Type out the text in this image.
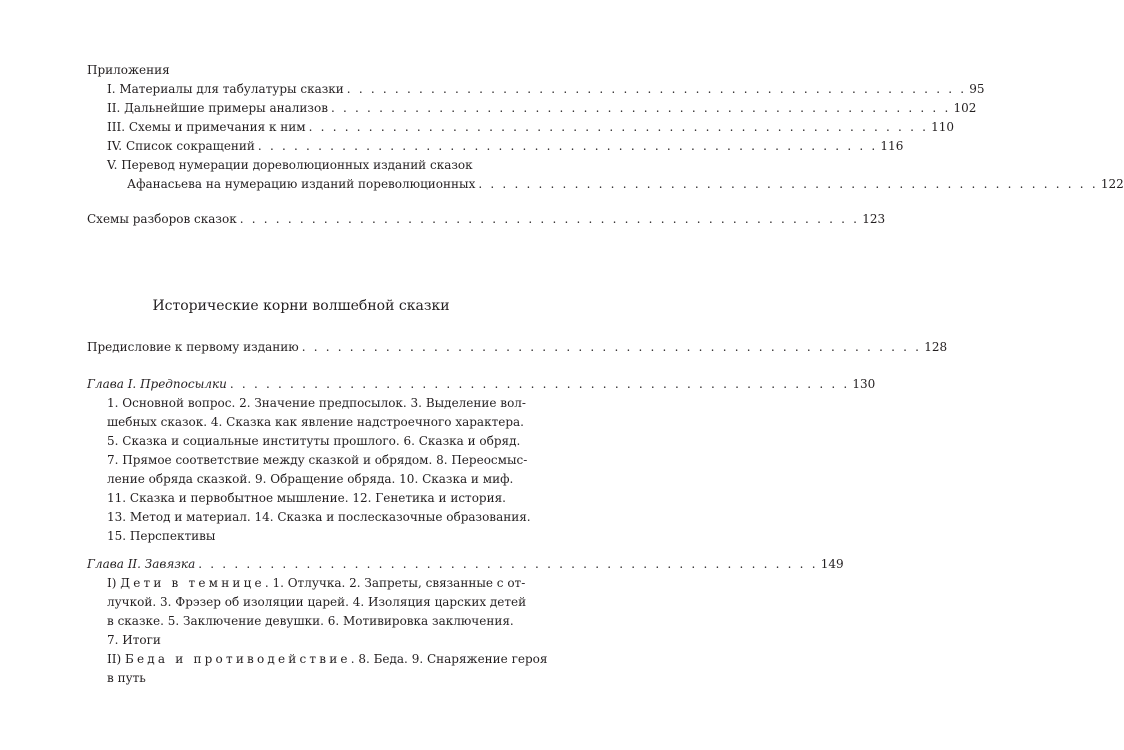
Приложения
I. Материалы для табулатуры сказки . . . . . . . . . . . . . . . . . . . . . . . . . . . . . . . . . . . . . . . . . . . . . . . . . . . . 95
II. Дальнейшие примеры анализов . . . . . . . . . . . . . . . . . . . . . . . . . . . . . . . . . . . . . . . . . . . . . . . . . . . . 102
III. Схемы и примечания к ним . . . . . . . . . . . . . . . . . . . . . . . . . . . . . . . . . . . . . . . . . . . . . . . . . . . . 110
IV. Список сокращений . . . . . . . . . . . . . . . . . . . . . . . . . . . . . . . . . . . . . . . . . . . . . . . . . . . . 116
V. Перевод нумерации дореволюционных изданий сказок
Афанасьева на нумерацию изданий пореволюционных . . . . . . . . . . . . . . . . . . . . . . . . . . . . . . . . . . . . . . . . . . . . . . . . . . . . 122
Схемы разборов сказок . . . . . . . . . . . . . . . . . . . . . . . . . . . . . . . . . . . . . . . . . . . . . . . . . . . . 123
Исторические корни волшебной сказки
Предисловие к первому изданию . . . . . . . . . . . . . . . . . . . . . . . . . . . . . . . . . . . . . . . . . . . . . . . . . . . . 128
Глава I. Предпосылки . . . . . . . . . . . . . . . . . . . . . . . . . . . . . . . . . . . . . . . . . . . . . . . . . . . . 130
1. Основной вопрос. 2. Значение предпосылок. 3. Выделение вол-
шебных сказок. 4. Сказка как явление надстроечного характера.
5. Сказка и социальные институты прошлого. 6. Сказка и обряд.
7. Прямое соответствие между сказкой и обрядом. 8. Переосмыс-
ление обряда сказкой. 9. Обращение обряда. 10. Сказка и миф.
11. Сказка и первобытное мышление. 12. Генетика и история.
13. Метод и материал. 14. Сказка и послесказочные образования.
15. Перспективы
Глава II. Завязка . . . . . . . . . . . . . . . . . . . . . . . . . . . . . . . . . . . . . . . . . . . . . . . . . . . . 149
I) Дети в темнице. 1. Отлучка. 2. Запреты, связанные с от-
лучкой. 3. Фрэзер об изоляции царей. 4. Изоляция царских детей
в сказке. 5. Заключение девушки. 6. Мотивировка заключения.
7. Итоги
II) Беда и противодействие. 8. Беда. 9. Снаряжение героя
в путь
